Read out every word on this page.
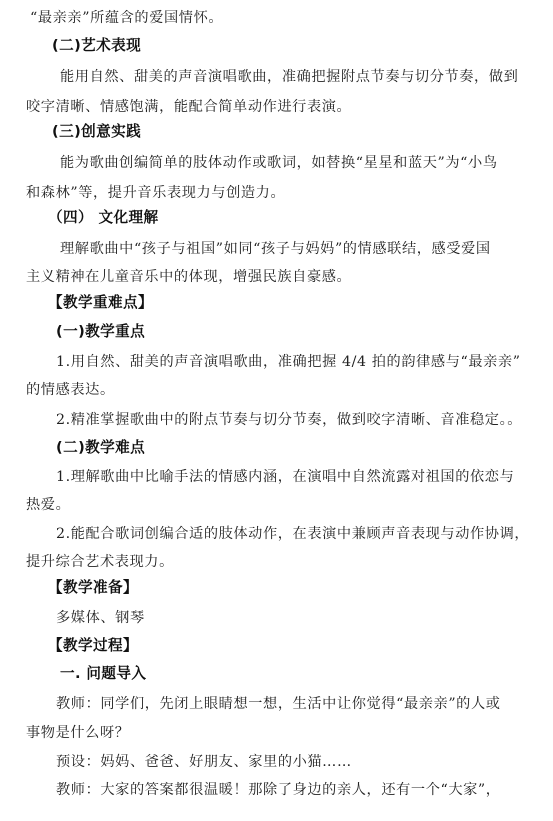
“最亲亲”所蕴含的爱国情怀。
(二)艺术表现
能用自然、甜美的声音演唱歌曲，准确把握附点节奏与切分节奏，做到
咬字清晰、情感饱满，能配合简单动作进行表演。
(三)创意实践
能为歌曲创编简单的肢体动作或歌词，如替换“星星和蓝天”为“小鸟
和森林”等，提升音乐表现力与创造力。
（四） 文化理解
理解歌曲中“孩子与祖国”如同“孩子与妈妈”的情感联结，感受爱国
主义精神在儿童音乐中的体现，增强民族自豪感。
【教学重难点】
(一)教学重点
1.用自然、甜美的声音演唱歌曲，准确把握 4/4 拍的韵律感与“最亲亲”
的情感表达。
2.精准掌握歌曲中的附点节奏与切分节奏，做到咬字清晰、音准稳定。。
(二)教学难点
1.理解歌曲中比喻手法的情感内涵，在演唱中自然流露对祖国的依恋与
热爱。
2.能配合歌词创编合适的肢体动作，在表演中兼顾声音表现与动作协调，
提升综合艺术表现力。
【教学准备】
多媒体、钢琴
【教学过程】
一. 问题导入
教师：同学们，先闭上眼睛想一想，生活中让你觉得“最亲亲”的人或
事物是什么呀？
预设：妈妈、爸爸、好朋友、家里的小猫……
教师：大家的答案都很温暖！那除了身边的亲人，还有一个“大家”，
